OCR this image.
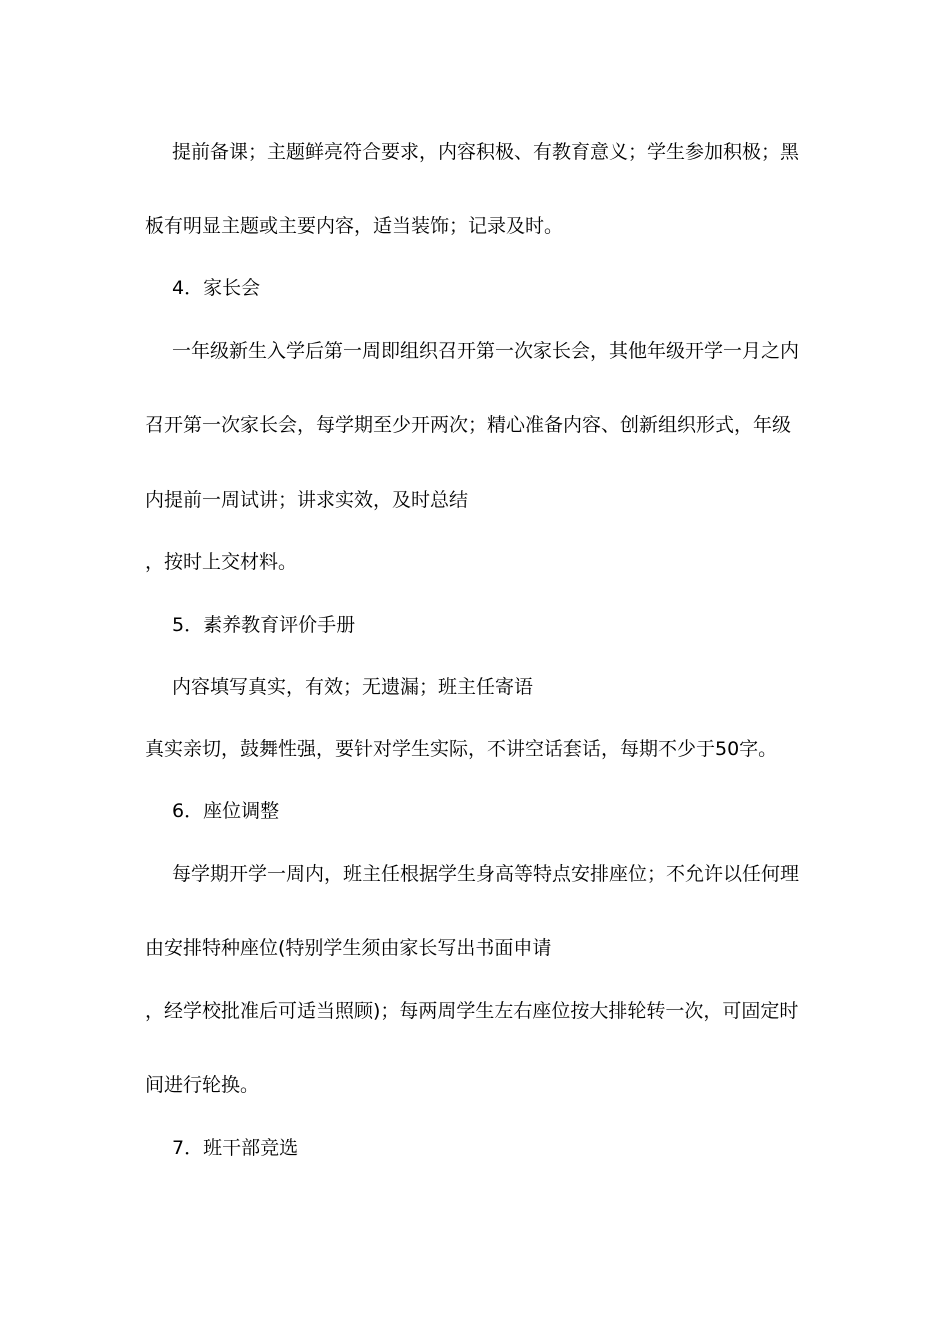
提前备课；主题鲜亮符合要求，内容积极、有教育意义；学生参加积极；黑
板有明显主题或主要内容，适当装饰；记录及时。
4．家长会
一年级新生入学后第一周即组织召开第一次家长会，其他年级开学一月之内
召开第一次家长会，每学期至少开两次；精心准备内容、创新组织形式，年级
内提前一周试讲；讲求实效，及时总结
，按时上交材料。
5．素养教育评价手册
内容填写真实，有效；无遗漏；班主任寄语
真实亲切，鼓舞性强，要针对学生实际，不讲空话套话，每期不少于50字。
6．座位调整
每学期开学一周内，班主任根据学生身高等特点安排座位；不允许以任何理
由安排特种座位(特别学生须由家长写出书面申请
，经学校批准后可适当照顾)；每两周学生左右座位按大排轮转一次，可固定时
间进行轮换。
7．班干部竞选
